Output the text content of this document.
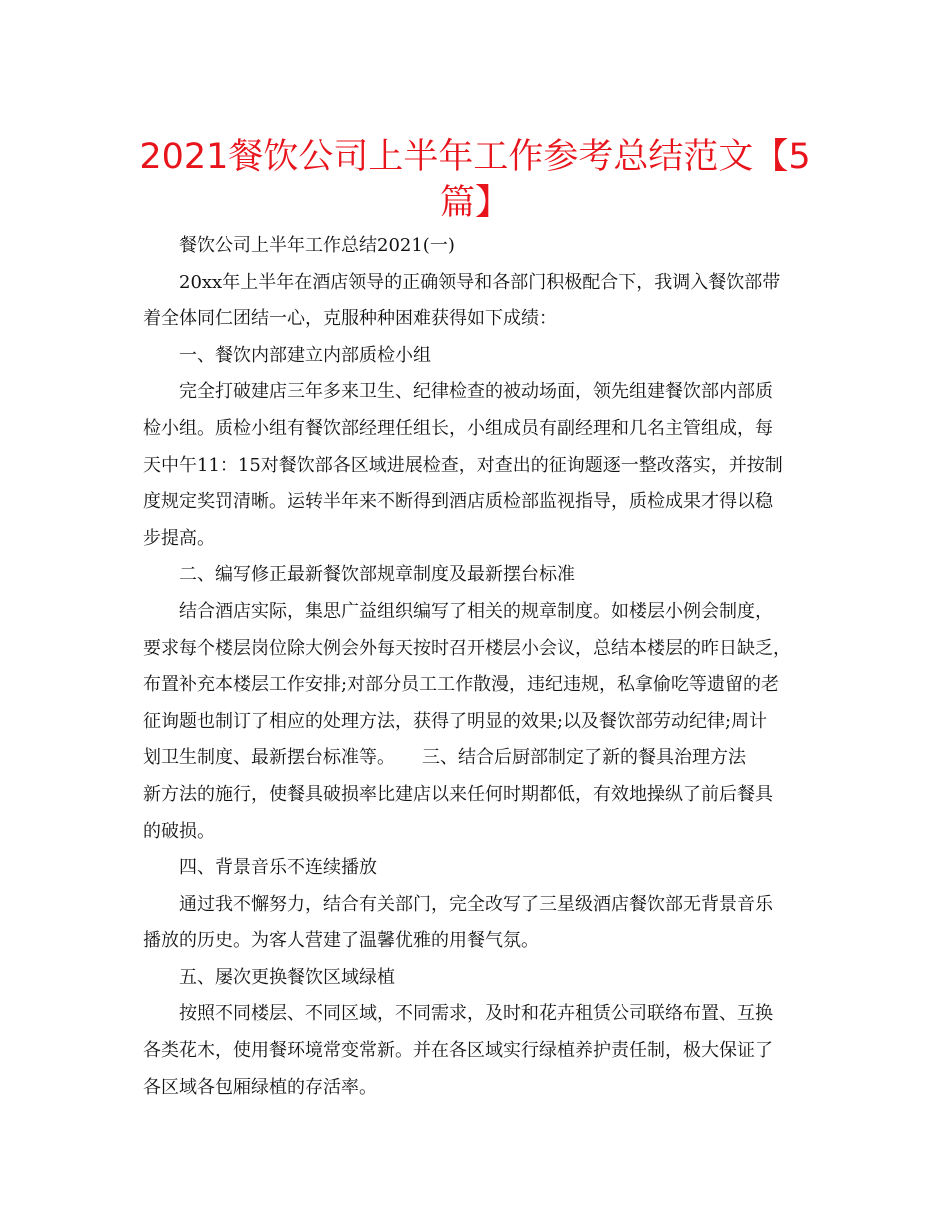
2021餐饮公司上半年工作参考总结范文【5
篇】
餐饮公司上半年工作总结2021(一)
20xx年上半年在酒店领导的正确领导和各部门积极配合下，我调入餐饮部带
着全体同仁团结一心，克服种种困难获得如下成绩：
一、餐饮内部建立内部质检小组
完全打破建店三年多来卫生、纪律检查的被动场面，领先组建餐饮部内部质
检小组。质检小组有餐饮部经理任组长，小组成员有副经理和几名主管组成，每
天中午11：15对餐饮部各区域进展检查，对查出的征询题逐一整改落实，并按制
度规定奖罚清晰。运转半年来不断得到酒店质检部监视指导，质检成果才得以稳
步提高。
二、编写修正最新餐饮部规章制度及最新摆台标准
结合酒店实际，集思广益组织编写了相关的规章制度。如楼层小例会制度，
要求每个楼层岗位除大例会外每天按时召开楼层小会议，总结本楼层的昨日缺乏，
布置补充本楼层工作安排;对部分员工工作散漫，违纪违规，私拿偷吃等遗留的老
征询题也制订了相应的处理方法，获得了明显的效果;以及餐饮部劳动纪律;周计
划卫生制度、最新摆台标准等。　　三、结合后厨部制定了新的餐具治理方法
新方法的施行，使餐具破损率比建店以来任何时期都低，有效地操纵了前后餐具
的破损。
四、背景音乐不连续播放
通过我不懈努力，结合有关部门，完全改写了三星级酒店餐饮部无背景音乐
播放的历史。为客人营建了温馨优雅的用餐气氛。
五、屡次更换餐饮区域绿植
按照不同楼层、不同区域，不同需求，及时和花卉租赁公司联络布置、互换
各类花木，使用餐环境常变常新。并在各区域实行绿植养护责任制，极大保证了
各区域各包厢绿植的存活率。
